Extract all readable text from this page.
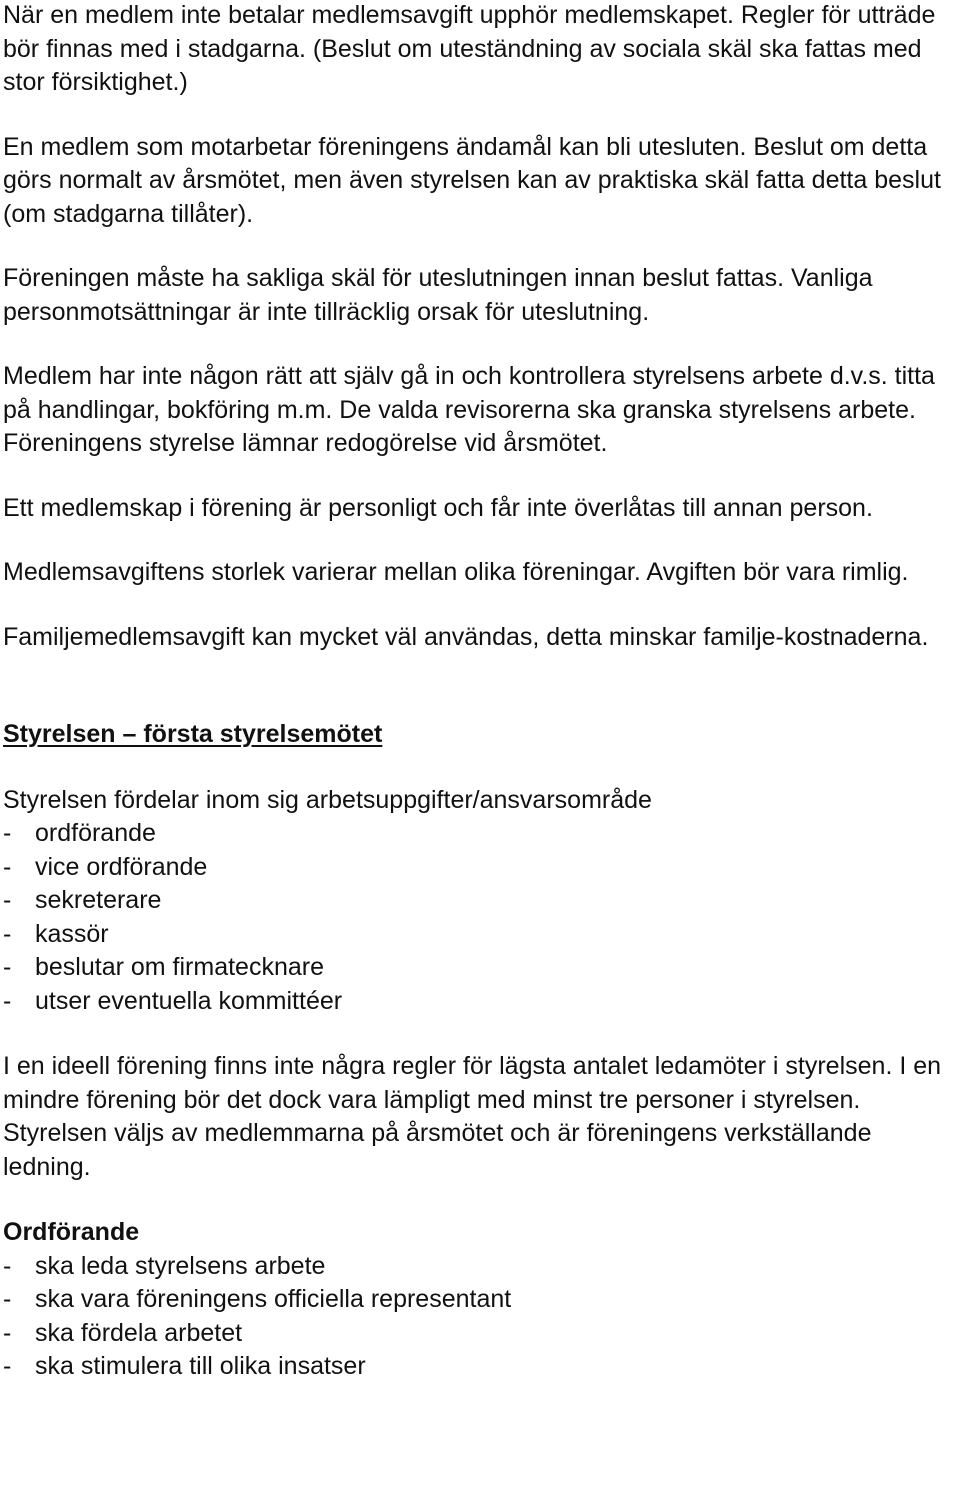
När en medlem inte betalar medlemsavgift upphör medlemskapet. Regler för utträde bör finnas med i stadgarna. (Beslut om uteständning av sociala skäl ska fattas med stor försiktighet.)

En medlem som motarbetar föreningens ändamål kan bli utesluten. Beslut om detta görs normalt av årsmötet, men även styrelsen kan av praktiska skäl fatta detta beslut (om stadgarna tillåter).

Föreningen måste ha sakliga skäl för uteslutningen innan beslut fattas. Vanliga personmotsättningar är inte tillräcklig orsak för uteslutning.

Medlem har inte någon rätt att själv gå in och kontrollera styrelsens arbete d.v.s. titta på handlingar, bokföring m.m. De valda revisorerna ska granska styrelsens arbete. Föreningens styrelse lämnar redogörelse vid årsmötet.

Ett medlemskap i förening är personligt och får inte överlåtas till annan person.

Medlemsavgiftens storlek varierar mellan olika föreningar. Avgiften bör vara rimlig.

Familjemedlemsavgift kan mycket väl användas, detta minskar familje-kostnaderna.

Styrelsen – första styrelsemötet

Styrelsen fördelar inom sig arbetsuppgifter/ansvarsområde

- ordförande
- vice ordförande
- sekreterare
- kassör
- beslutar om firmatecknare
- utser eventuella kommittéer

I en ideell förening finns inte några regler för lägsta antalet ledamöter i styrelsen. I en mindre förening bör det dock vara lämpligt med minst tre personer i styrelsen. Styrelsen väljs av medlemmarna på årsmötet och är föreningens verkställande ledning.

Ordförande
- ska leda styrelsens arbete
- ska vara föreningens officiella representant
- ska fördela arbetet
- ska stimulera till olika insatser
